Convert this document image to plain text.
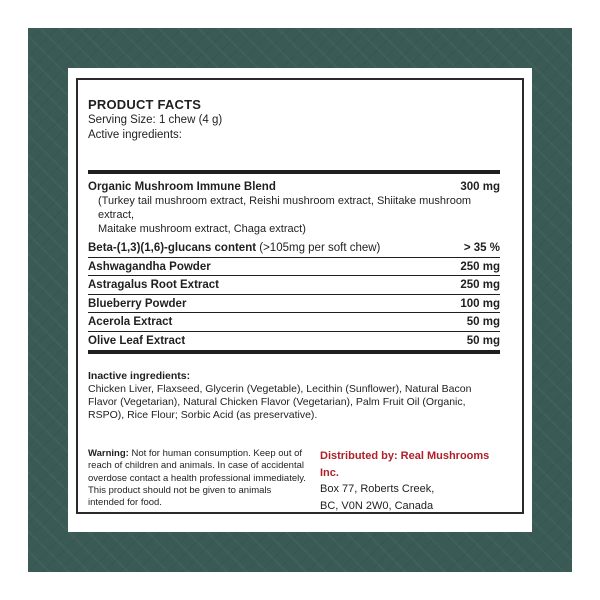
PRODUCT FACTS

Serving Size: 1 chew (4 g)

Active ingredients:

Organic Mushroom Immune Blend	300 mg
(Turkey tail mushroom extract, Reishi mushroom extract, Shiitake mushroom extract,
Maitake mushroom extract, Chaga extract)
Beta-(1,3)(1,6)-glucans content (>105mg per soft chew)	> 35 %
Ashwagandha Powder	250 mg
Astragalus Root Extract	250 mg
Blueberry Powder	100 mg
Acerola Extract	50 mg
Olive Leaf Extract	50 mg
Inactive ingredients:
Chicken Liver, Flaxseed, Glycerin (Vegetable), Lecithin (Sunflower), Natural Bacon Flavor (Vegetarian), Natural Chicken Flavor (Vegetarian), Palm Fruit Oil (Organic, RSPO), Rice Flour; Sorbic Acid (as preservative).
Warning: Not for human consumption. Keep out of reach of children and animals. In case of accidental overdose contact a health professional immediately. This product should not be given to animals intended for food.
Distributed by: Real Mushrooms Inc.
Box 77, Roberts Creek,
BC, V0N 2W0, Canada
